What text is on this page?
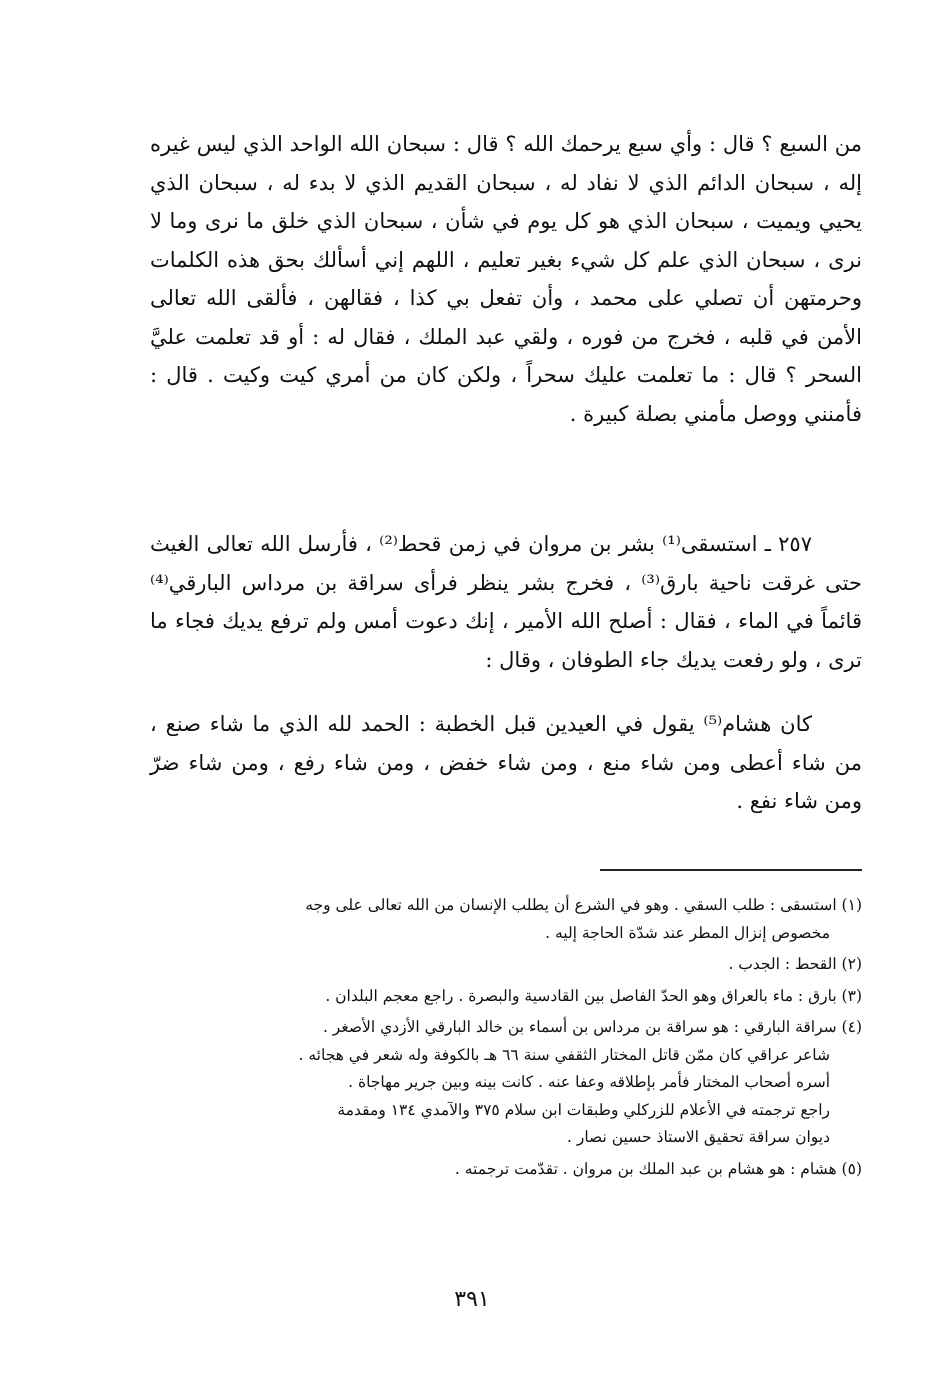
من السبع ؟ قال : وأي سبع يرحمك الله ؟ قال : سبحان الله الواحد الذي ليس غيره إله ، سبحان الدائم الذي لا نفاد له ، سبحان القديم الذي لا بدء له ، سبحان الذي يحيي ويميت ، سبحان الذي هو كل يوم في شأن ، سبحان الذي خلق ما نرى وما لا نرى ، سبحان الذي علم كل شيء بغير تعليم ، اللهم إني أسألك بحق هذه الكلمات وحرمتهن أن تصلي على محمد ، وأن تفعل بي كذا ، فقالهن ، فألقى الله تعالى الأمن في قلبه ، فخرج من فوره ، ولقي عبد الملك ، فقال له : أو قد تعلمت عليَّ السحر ؟ قال : ما تعلمت عليك سحراً ، ولكن كان من أمري كيت وكيت . قال : فأمنني ووصل مأمني بصلة كبيرة .

٢٥٧ ـ استسقى⁽¹⁾ بشر بن مروان في زمن قحط⁽²⁾ ، فأرسل الله تعالى الغيث حتى غرقت ناحية بارق⁽³⁾ ، فخرج بشر ينظر فرأى سراقة بن مرداس البارقي⁽⁴⁾ قائماً في الماء ، فقال : أصلح الله الأمير ، إنك دعوت أمس ولم ترفع يديك فجاء ما ترى ، ولو رفعت يديك جاء الطوفان ، وقال :

كان هشام⁽⁵⁾ يقول في العيدين قبل الخطبة : الحمد لله الذي ما شاء صنع ، من شاء أعطى ومن شاء منع ، ومن شاء خفض ، ومن شاء رفع ، ومن شاء ضرّ ومن شاء نفع .

(١) استسقى : طلب السقي . وهو في الشرع أن يطلب الإنسان من الله تعالى على وجه
مخصوص إنزال المطر عند شدّة الحاجة إليه .
(٢) القحط : الجدب .
(٣) بارق : ماء بالعراق وهو الحدّ الفاصل بين القادسية والبصرة . راجع معجم البلدان .
(٤) سراقة البارقي : هو سراقة بن مرداس بن أسماء بن خالد البارقي الأزدي الأصغر .
شاعر عراقي كان ممّن قاتل المختار الثقفي سنة ٦٦ هـ بالكوفة وله شعر في هجائه .
أسره أصحاب المختار فأمر بإطلاقه وعفا عنه . كانت بينه وبين جرير مهاجاة .
راجع ترجمته في الأعلام للزركلي وطبقات ابن سلام ٣٧٥ والآمدي ١٣٤ ومقدمة
ديوان سراقة تحقيق الاستاذ حسين نصار .
(٥) هشام : هو هشام بن عبد الملك بن مروان . تقدّمت ترجمته .
٣٩١
